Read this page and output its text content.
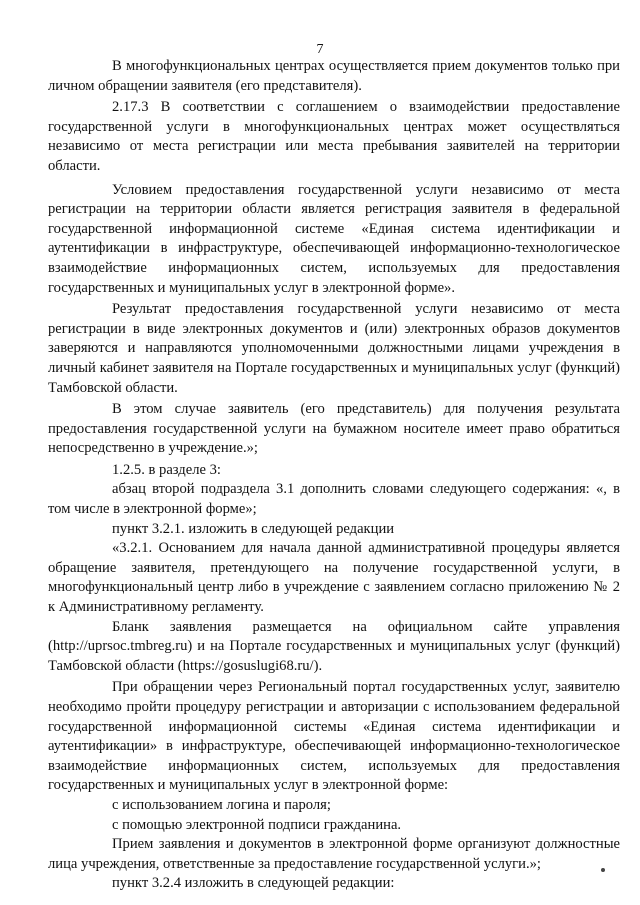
7

В многофункциональных центрах осуществляется прием документов только при личном обращении заявителя (его представителя).

2.17.3 В соответствии с соглашением о взаимодействии предоставление государственной услуги в многофункциональных центрах может осуществляться независимо от места регистрации или места пребывания заявителей на территории области.

Условием предоставления государственной услуги независимо от места регистрации на территории области является регистрация заявителя в федеральной государственной информационной системе «Единая система идентификации и аутентификации в инфраструктуре, обеспечивающей информационно-технологическое взаимодействие информационных систем, используемых для предоставления государственных и муниципальных услуг в электронной форме».

Результат предоставления государственной услуги независимо от места регистрации в виде электронных документов и (или) электронных образов документов заверяются и направляются уполномоченными должностными лицами учреждения в личный кабинет заявителя на Портале государственных и муниципальных услуг (функций) Тамбовской области.

В этом случае заявитель (его представитель) для получения результата предоставления государственной услуги на бумажном носителе имеет право обратиться непосредственно в учреждение.»;

1.2.5. в разделе 3:

абзац второй подраздела 3.1 дополнить словами следующего содержания: «, в том числе в электронной форме»;

пункт 3.2.1. изложить в следующей редакции

«3.2.1. Основанием для начала данной административной процедуры является обращение заявителя, претендующего на получение государственной услуги, в многофункциональный центр либо в учреждение с заявлением согласно приложению № 2 к Административному регламенту.

Бланк заявления размещается на официальном сайте управления (http://uprsoc.tmbreg.ru) и на Портале государственных и муниципальных услуг (функций) Тамбовской области (https://gosuslugi68.ru/).

При обращении через Региональный портал государственных услуг, заявителю необходимо пройти процедуру регистрации и авторизации с использованием федеральной государственной информационной системы «Единая система идентификации и аутентификации» в инфраструктуре, обеспечивающей информационно-технологическое взаимодействие информационных систем, используемых для предоставления государственных и муниципальных услуг в электронной форме:

с использованием логина и пароля;

с помощью электронной подписи гражданина.

Прием заявления и документов в электронной форме организуют должностные лица учреждения, ответственные за предоставление государственной услуги.»;

пункт 3.2.4 изложить в следующей редакции:
